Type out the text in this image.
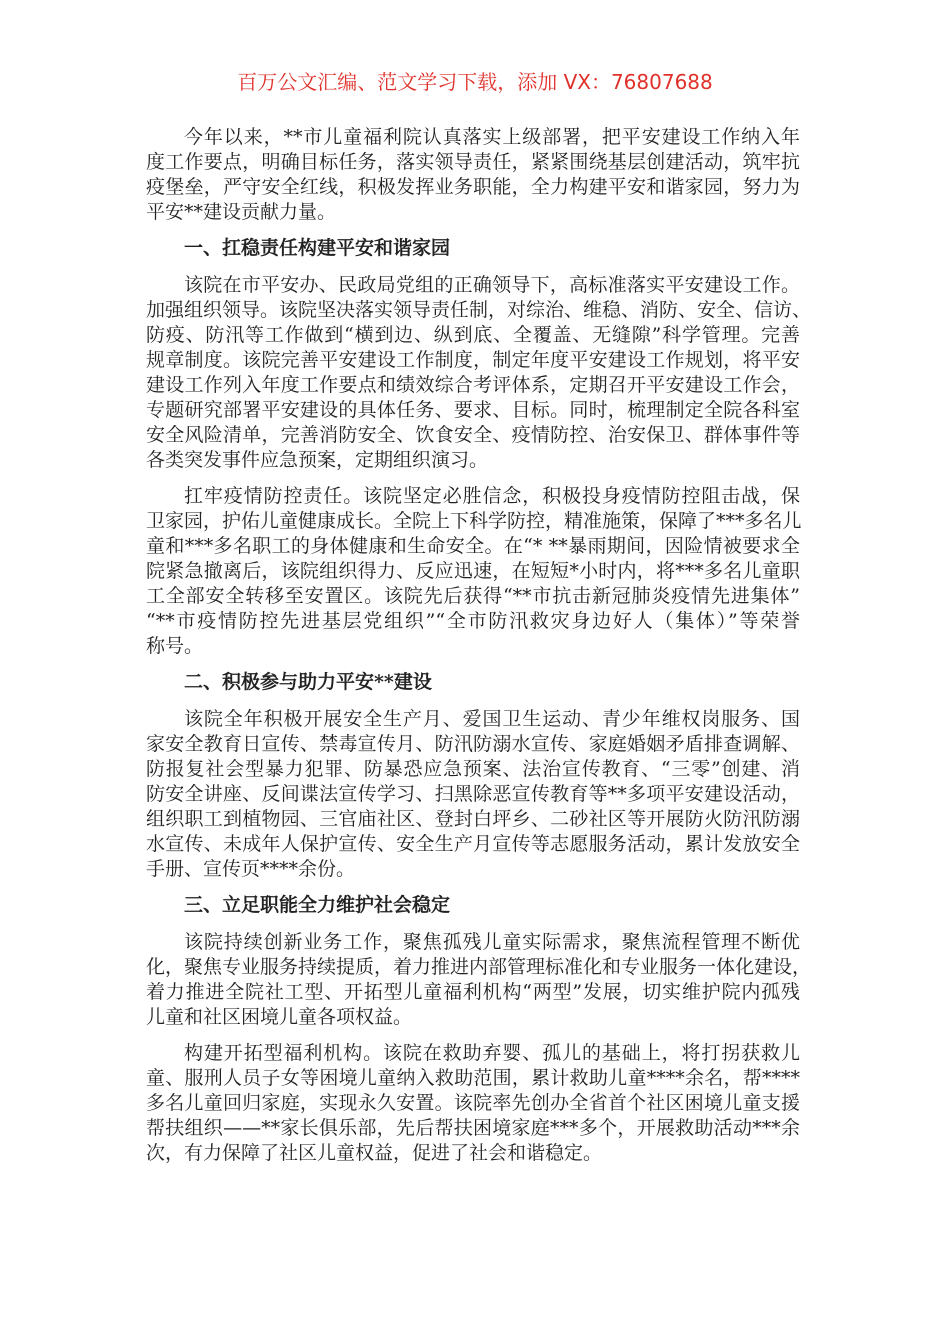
百万公文汇编、范文学习下载，添加 VX：76807688
今年以来，**市儿童福利院认真落实上级部署，把平安建设工作纳入年
度工作要点，明确目标任务，落实领导责任，紧紧围绕基层创建活动，筑牢抗
疫堡垒，严守安全红线，积极发挥业务职能，全力构建平安和谐家园，努力为
平安**建设贡献力量。
一、扛稳责任构建平安和谐家园
该院在市平安办、民政局党组的正确领导下，高标准落实平安建设工作。
加强组织领导。该院坚决落实领导责任制，对综治、维稳、消防、安全、信访、
防疫、防汛等工作做到“横到边、纵到底、全覆盖、无缝隙”科学管理。完善
规章制度。该院完善平安建设工作制度，制定年度平安建设工作规划，将平安
建设工作列入年度工作要点和绩效综合考评体系，定期召开平安建设工作会，
专题研究部署平安建设的具体任务、要求、目标。同时，梳理制定全院各科室
安全风险清单，完善消防安全、饮食安全、疫情防控、治安保卫、群体事件等
各类突发事件应急预案，定期组织演习。
扛牢疫情防控责任。该院坚定必胜信念，积极投身疫情防控阻击战，保
卫家园，护佑儿童健康成长。全院上下科学防控，精准施策，保障了***多名儿
童和***多名职工的身体健康和生命安全。在“* **暴雨期间，因险情被要求全
院紧急撤离后，该院组织得力、反应迅速，在短短*小时内，将***多名儿童职
工全部安全转移至安置区。该院先后获得“**市抗击新冠肺炎疫情先进集体”
“**市疫情防控先进基层党组织”“全市防汛救灾身边好人（集体）”等荣誉
称号。
二、积极参与助力平安**建设
该院全年积极开展安全生产月、爱国卫生运动、青少年维权岗服务、国
家安全教育日宣传、禁毒宣传月、防汛防溺水宣传、家庭婚姻矛盾排查调解、
防报复社会型暴力犯罪、防暴恐应急预案、法治宣传教育、“三零”创建、消
防安全讲座、反间谍法宣传学习、扫黑除恶宣传教育等**多项平安建设活动，
组织职工到植物园、三官庙社区、登封白坪乡、二砂社区等开展防火防汛防溺
水宣传、未成年人保护宣传、安全生产月宣传等志愿服务活动，累计发放安全
手册、宣传页****余份。
三、立足职能全力维护社会稳定
该院持续创新业务工作，聚焦孤残儿童实际需求，聚焦流程管理不断优
化，聚焦专业服务持续提质，着力推进内部管理标准化和专业服务一体化建设，
着力推进全院社工型、开拓型儿童福利机构“两型”发展，切实维护院内孤残
儿童和社区困境儿童各项权益。
构建开拓型福利机构。该院在救助弃婴、孤儿的基础上，将打拐获救儿
童、服刑人员子女等困境儿童纳入救助范围，累计救助儿童****余名，帮****
多名儿童回归家庭，实现永久安置。该院率先创办全省首个社区困境儿童支援
帮扶组织——**家长俱乐部，先后帮扶困境家庭***多个，开展救助活动***余
次，有力保障了社区儿童权益，促进了社会和谐稳定。
